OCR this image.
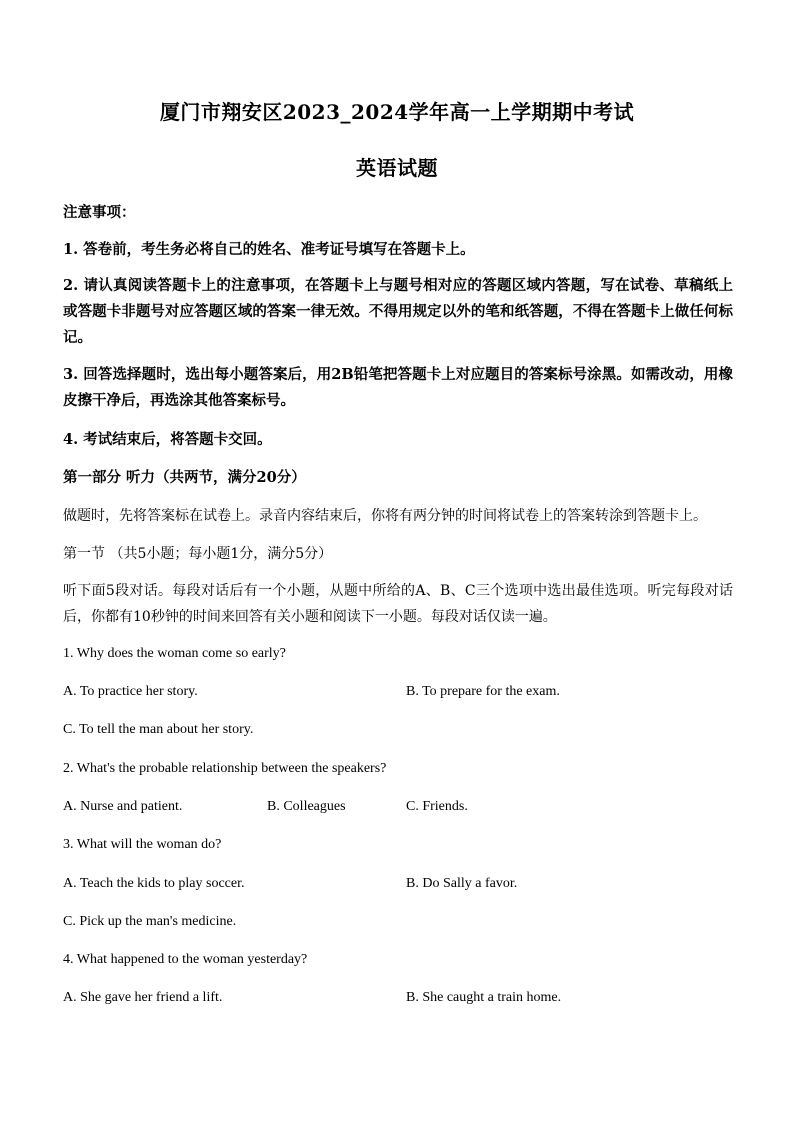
厦门市翔安区2023_2024学年高一上学期期中考试
英语试题
注意事项：
1. 答卷前，考生务必将自己的姓名、准考证号填写在答题卡上。
2. 请认真阅读答题卡上的注意事项，在答题卡上与题号相对应的答题区域内答题，写在试卷、草稿纸上或答题卡非题号对应答题区域的答案一律无效。不得用规定以外的笔和纸答题，不得在答题卡上做任何标记。
3. 回答选择题时，选出每小题答案后，用2B铅笔把答题卡上对应题目的答案标号涂黑。如需改动，用橡皮擦干净后，再选涂其他答案标号。
4. 考试结束后，将答题卡交回。
第一部分 听力（共两节，满分20分）
做题时，先将答案标在试卷上。录音内容结束后，你将有两分钟的时间将试卷上的答案转涂到答题卡上。
第一节 （共5小题；每小题1分，满分5分）
听下面5段对话。每段对话后有一个小题，从题中所给的A、B、C三个选项中选出最佳选项。听完每段对话后，你都有10秒钟的时间来回答有关小题和阅读下一小题。每段对话仅读一遍。
1. Why does the woman come so early?
A. To practice her story.	B. To prepare for the exam.
C. To tell the man about her story.
2. What's the probable relationship between the speakers?
A. Nurse and patient.	B. Colleagues	C. Friends.
3. What will the woman do?
A. Teach the kids to play soccer.	B. Do Sally a favor.
C. Pick up the man's medicine.
4. What happened to the woman yesterday?
A. She gave her friend a lift.	B. She caught a train home.
